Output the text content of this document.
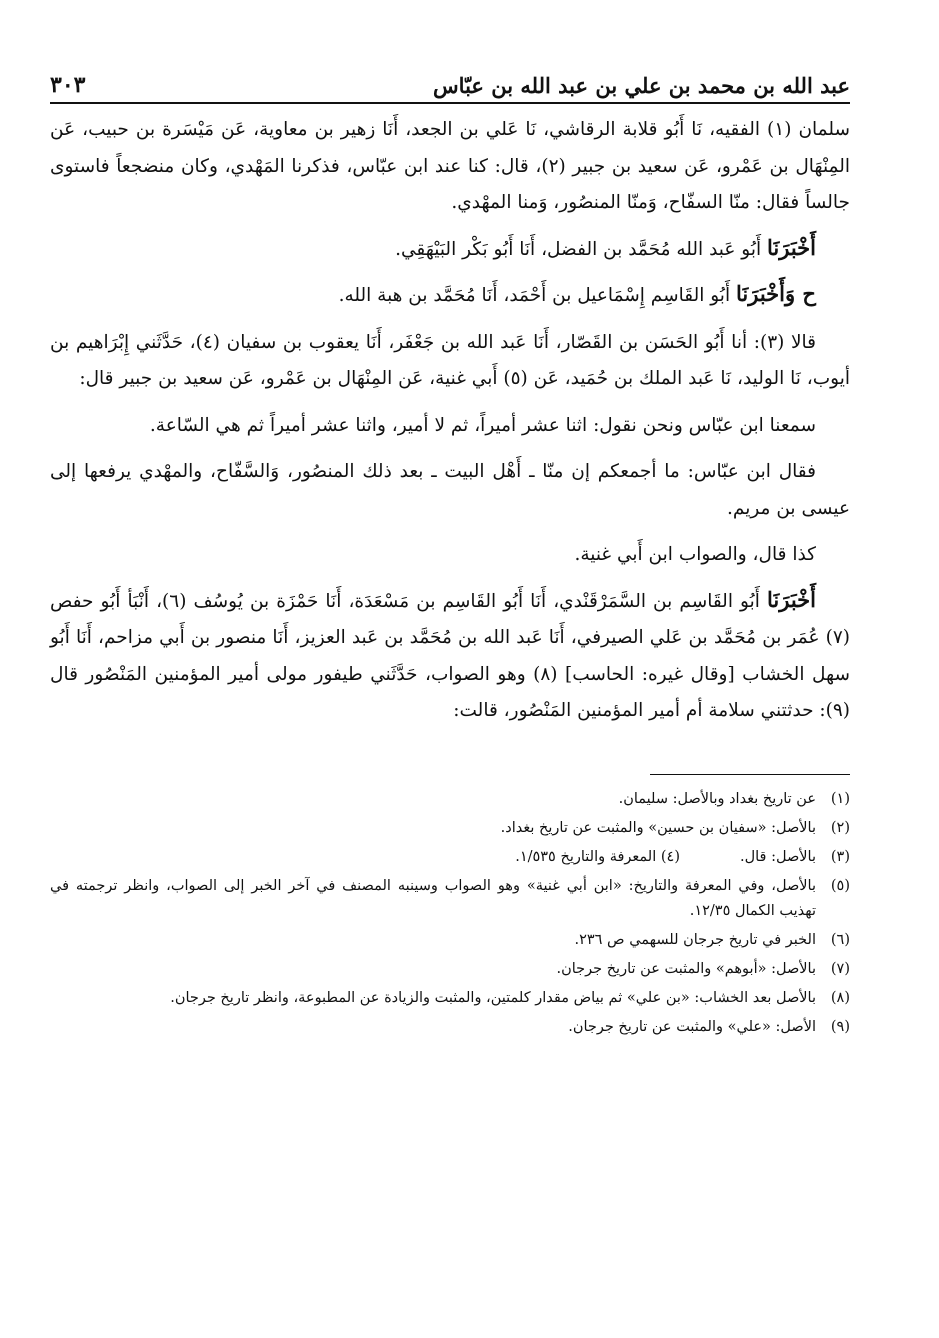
عبد الله بن محمد بن علي بن عبد الله بن عبّاس
٣٠٣

سلمان (١) الفقيه، نَا أَبُو قلابة الرقاشي، نَا عَلي بن الجعد، أَنَا زهير بن معاوية، عَن مَيْسَرة بن حبيب، عَن المِنْهَال بن عَمْرو، عَن سعيد بن جبير (٢)، قال: كنا عند ابن عبّاس، فذكرنا المَهْدي، وكان منضجعاً فاستوى جالساً فقال: منّا السفّاح، وَمنّا المنصُور، وَمنا المهْدي.

أَخْبَرَنَا أَبُو عَبد الله مُحَمَّد بن الفضل، أَنَا أَبُو بَكْر البَيْهَقِي.

ح وَأَخْبَرَنَا أَبُو القَاسِم إِسْمَاعيل بن أَحْمَد، أَنَا مُحَمَّد بن هبة الله.

قالا (٣): أنا أَبُو الحَسَن بن القَصّار، أَنَا عَبد الله بن جَعْفَر، أَنَا يعقوب بن سفيان (٤)، حَدَّثَني إِبْرَاهيم بن أيوب، نَا الوليد، نَا عَبد الملك بن حُمَيد، عَن (٥) أَبي غنية، عَن المِنْهَال بن عَمْرو، عَن سعيد بن جبير قال:

سمعنا ابن عبّاس ونحن نقول: اثنا عشر أميراً، ثم لا أمير، واثنا عشر أميراً ثم هي السّاعة.

فقال ابن عبّاس: ما أجمعكم إن منّا ـ أَهْل البيت ـ بعد ذلك المنصُور، وَالسَّفّاح، والمهْدي يرفعها إلى عيسى بن مريم.

كذا قال، والصواب ابن أَبي غنية.

أَخْبَرَنَا أَبُو القَاسِم بن السَّمَرْقَنْدي، أَنَا أَبُو القَاسِم بن مَسْعَدَة، أَنَا حَمْزَة بن يُوسُف (٦)، أَنْبَأ أَبُو حفص (٧) عُمَر بن مُحَمَّد بن عَلي الصيرفي، أَنَا عَبد الله بن مُحَمَّد بن عَبد العزيز، أَنَا منصور بن أَبي مزاحم، أَنَا أَبُو سهل الخشاب [وقال غيره: الحاسب] (٨) وهو الصواب، حَدَّثَني طيفور مولى أمير المؤمنين المَنْصُور قال (٩): حدثتني سلامة أم أمير المؤمنين المَنْصُور، قالت:

(١)
عن تاريخ بغداد وبالأصل: سليمان.
(٢)
بالأصل: «سفيان بن حسين» والمثبت عن تاريخ بغداد.
(٣)
بالأصل: قال.(٤) المعرفة والتاريخ ١/٥٣٥.
(٥)
بالأصل، وفي المعرفة والتاريخ: «ابن أبي غنية» وهو الصواب وسينبه المصنف في آخر الخبر إلى الصواب، وانظر ترجمته في تهذيب الكمال ١٢/٣٥.
(٦)
الخبر في تاريخ جرجان للسهمي ص ٢٣٦.
(٧)
بالأصل: «أبوهم» والمثبت عن تاريخ جرجان.
(٨)
بالأصل بعد الخشاب: «بن علي» ثم بياض مقدار كلمتين، والمثبت والزيادة عن المطبوعة، وانظر تاريخ جرجان.
(٩)
الأصل: «علي» والمثبت عن تاريخ جرجان.
